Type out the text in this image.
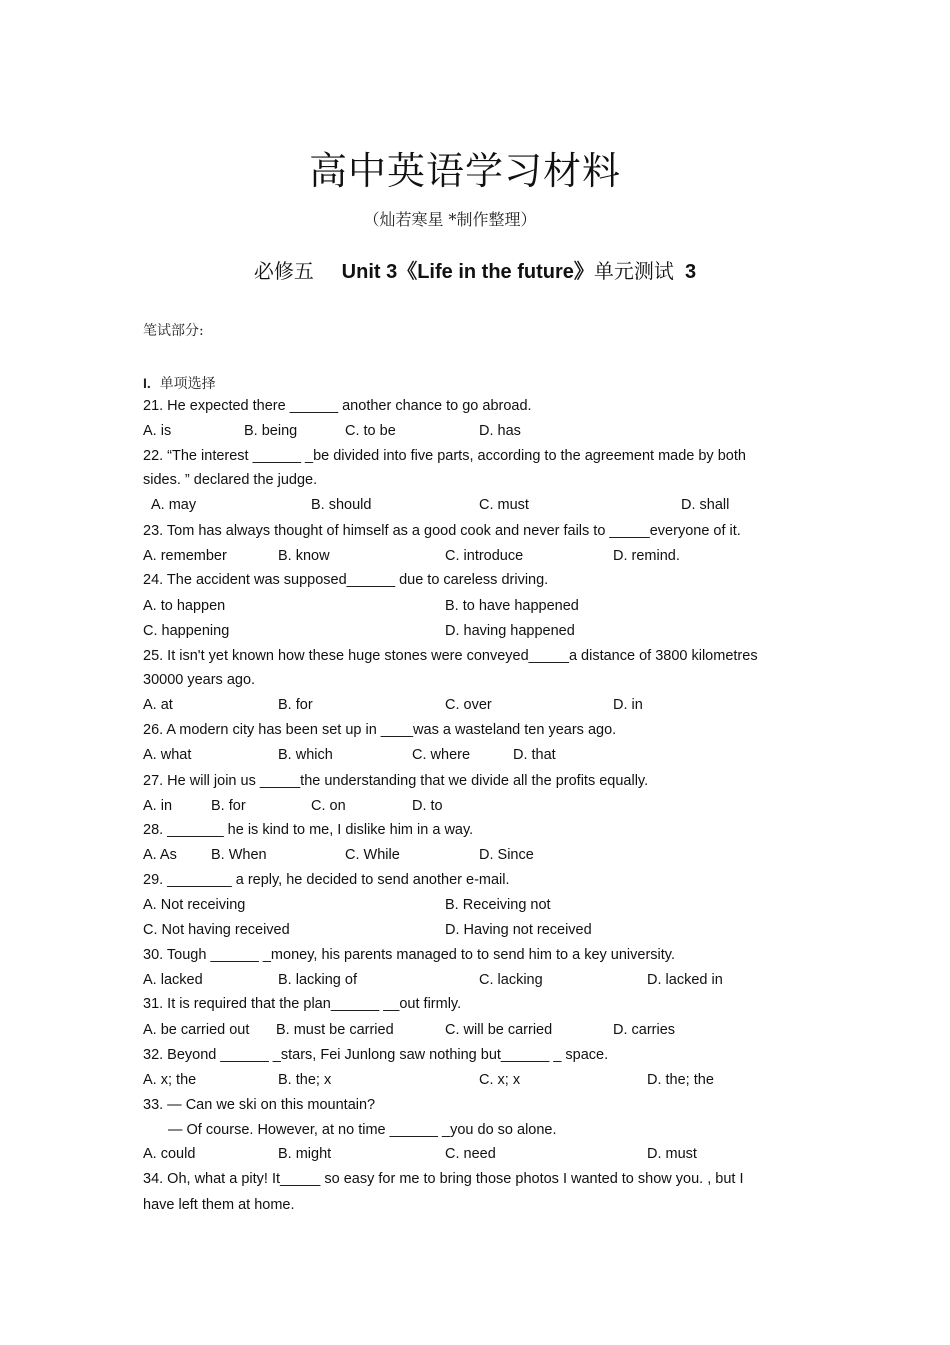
高中英语学习材料
（灿若寒星 *制作整理）
必修五 Unit 3《Life in the future》单元测试 3
笔试部分:
I. 单项选择
21. He expected there ______ another chance to go abroad.
A. is	B. being	C. to be	D. has
22. “The interest ______ _be divided into five parts, according to the agreement made by both
sides. ” declared the judge.
A. may	B. should	C. must	D. shall
23. Tom has always thought of himself as a good cook and never fails to _____everyone of it.
A. remember	B. know	C. introduce	D. remind.
24. The accident was supposed______ due to careless driving.
A. to happen	B. to have happened
C. happening	D. having happened
25. It isn't yet known how these huge stones were conveyed_____a distance of 3800 kilometres
30000 years ago.
A. at	B. for	C. over	D. in
26. A modern city has been set up in ____was a wasteland ten years ago.
A. what	B. which	C. where	D. that
27. He will join us _____the understanding that we divide all the profits equally.
A. in	B. for	C. on	D. to
28. _______ he is kind to me, I dislike him in a way.
A. As B. When	C. While	D. Since
29. ________ a reply, he decided to send another e-mail.
A. Not receiving	B. Receiving not
C. Not having received	D. Having not received
30. Tough ______ _money, his parents managed to to send him to a key university.
A. lacked	B. lacking of	C. lacking	D. lacked in
31. It is required that the plan______ __out firmly.
A. be carried out B. must be carried	C. will be carried	D. carries
32. Beyond ______ _stars, Fei Junlong saw nothing but______ _ space.
A. x; the	B. the; x	C. x; x	D. the; the
33. — Can we ski on this mountain?
— Of course. However, at no time ______ _you do so alone.
A. could	B. might	C. need	D. must
34. Oh, what a pity! It_____ so easy for me to bring those photos I wanted to show you. , but I
have left them at home.
